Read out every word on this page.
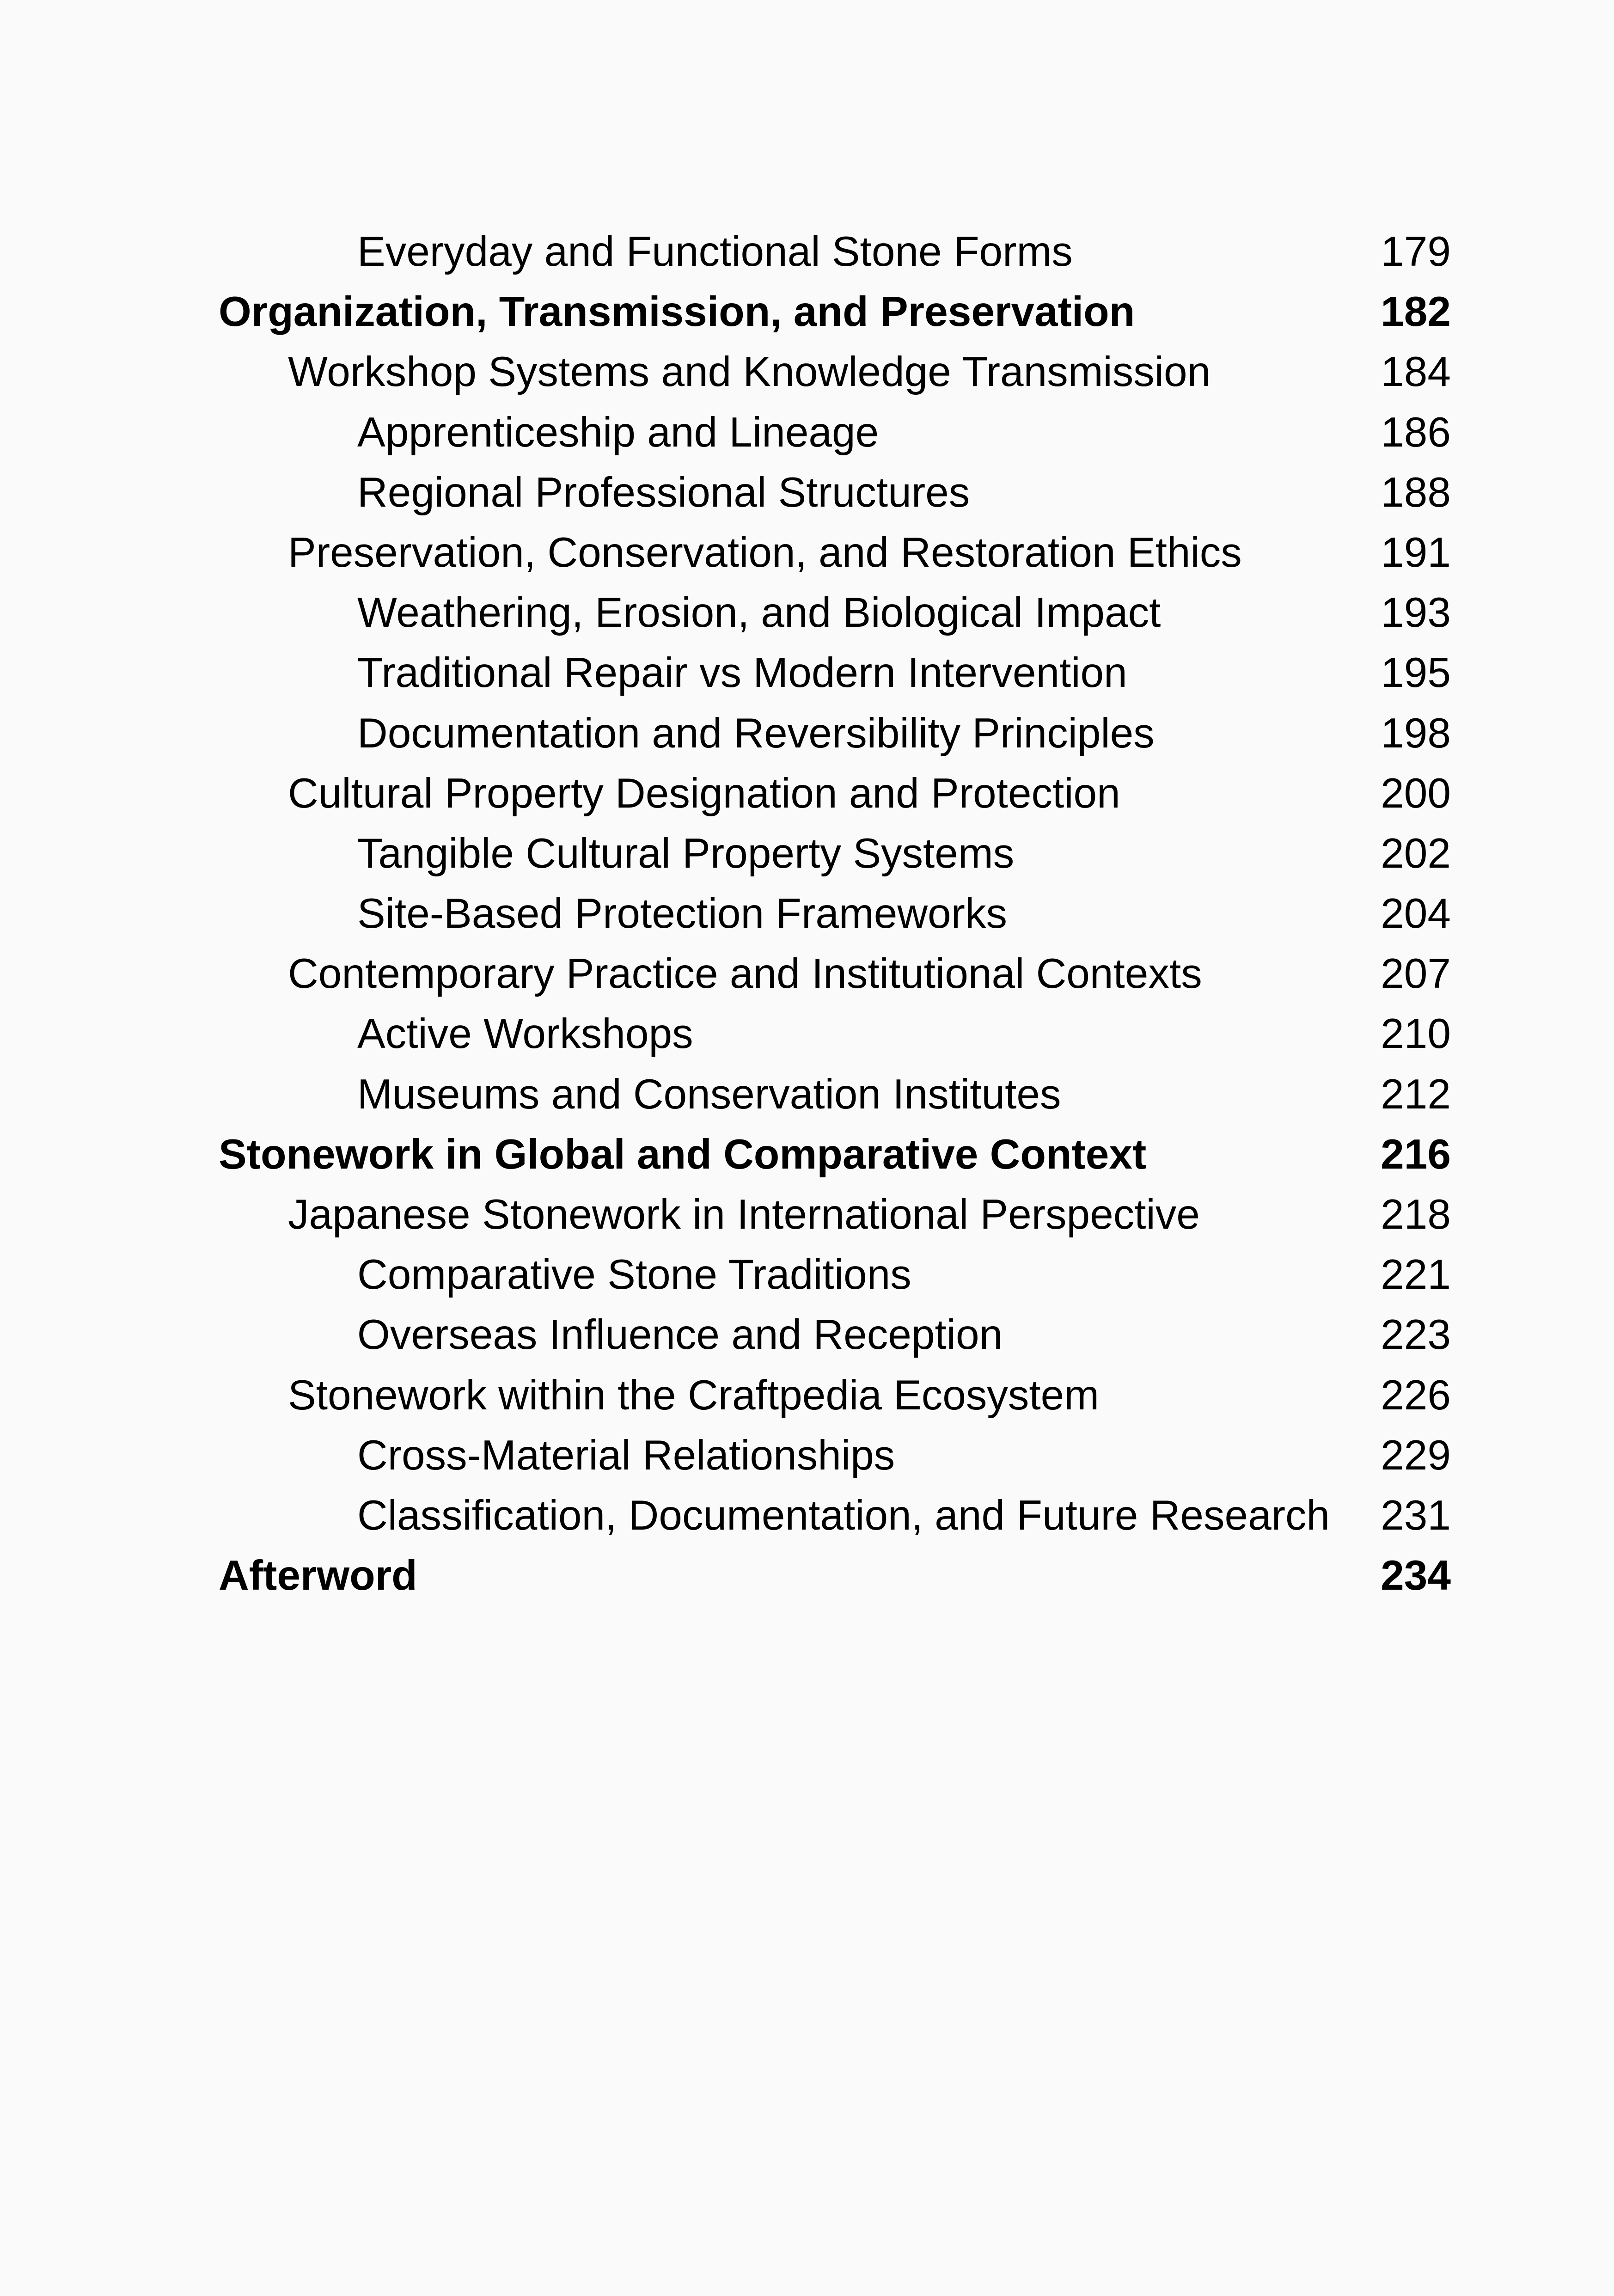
Everyday and Functional Stone Forms	179
Organization, Transmission, and Preservation	182
Workshop Systems and Knowledge Transmission	184
Apprenticeship and Lineage	186
Regional Professional Structures	188
Preservation, Conservation, and Restoration Ethics	191
Weathering, Erosion, and Biological Impact	193
Traditional Repair vs Modern Intervention	195
Documentation and Reversibility Principles	198
Cultural Property Designation and Protection	200
Tangible Cultural Property Systems	202
Site-Based Protection Frameworks	204
Contemporary Practice and Institutional Contexts	207
Active Workshops	210
Museums and Conservation Institutes	212
Stonework in Global and Comparative Context	216
Japanese Stonework in International Perspective	218
Comparative Stone Traditions	221
Overseas Influence and Reception	223
Stonework within the Craftpedia Ecosystem	226
Cross-Material Relationships	229
Classification, Documentation, and Future Research 231
Afterword	234
